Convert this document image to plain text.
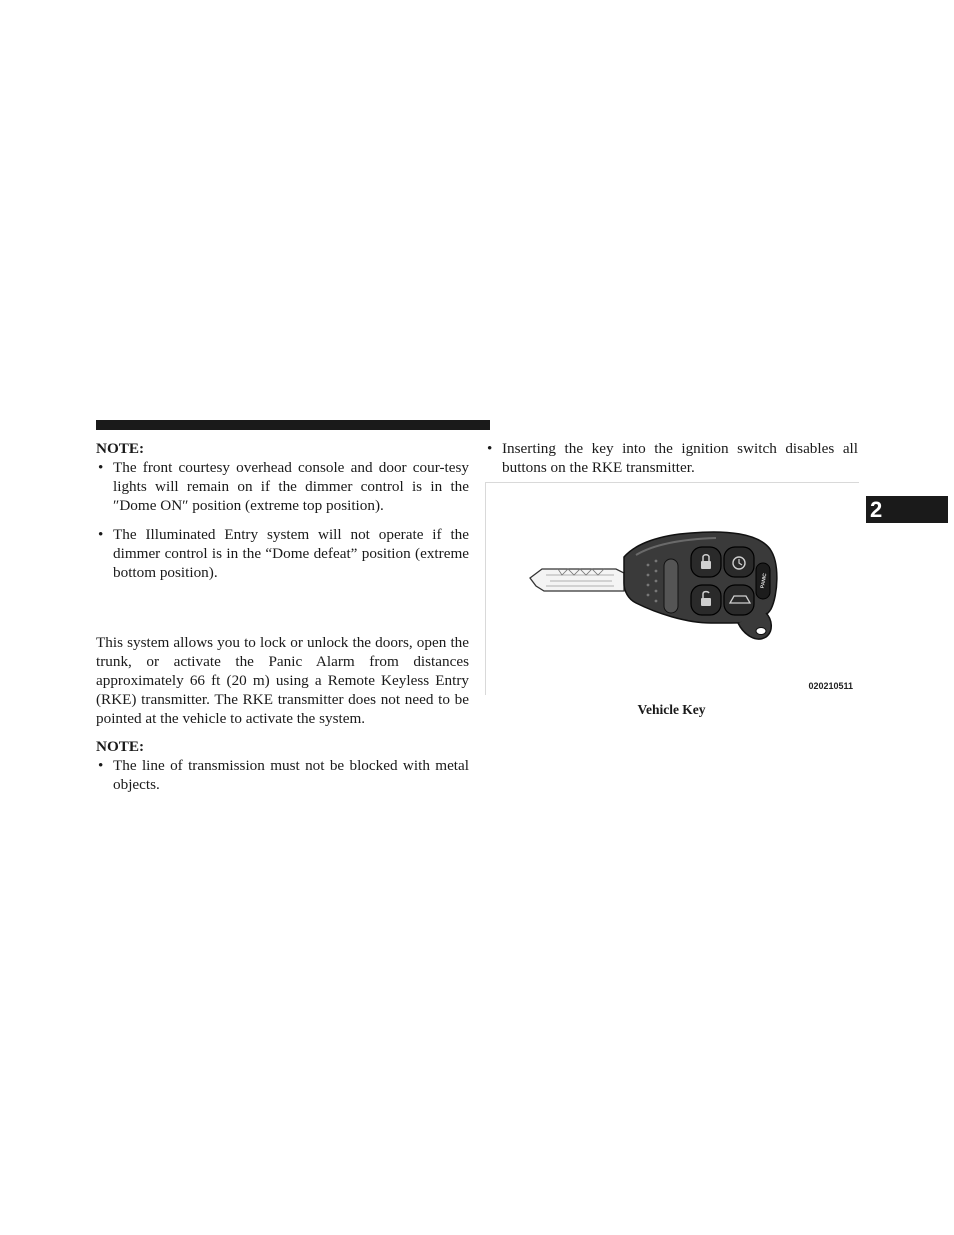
NOTE:

• The front courtesy overhead console and door cour-tesy lights will remain on if the dimmer control is in the ″Dome ON″ position (extreme top position).
• The Illuminated Entry system will not operate if the dimmer control is in the “Dome defeat” position (extreme bottom position).

This system allows you to lock or unlock the doors, open the trunk, or activate the Panic Alarm from distances approximately 66 ft (20 m) using a Remote Keyless Entry (RKE) transmitter. The RKE transmitter does not need to be pointed at the vehicle to activate the system.

NOTE:

• The line of transmission must not be blocked with metal objects.
• Inserting the key into the ignition switch disables all buttons on the RKE transmitter.
PANIC
020210511
Vehicle Key
2
